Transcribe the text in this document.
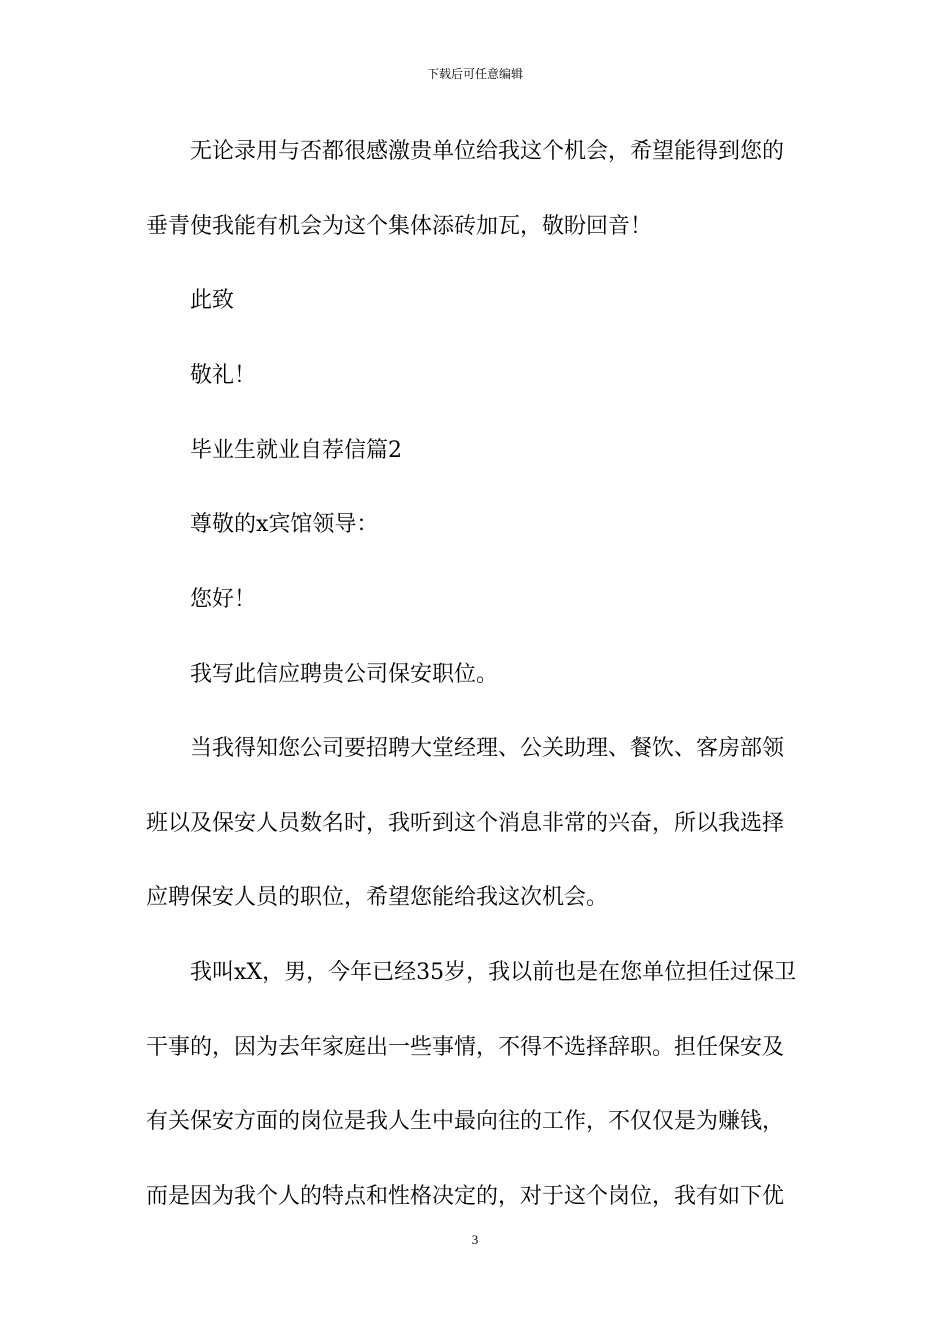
下载后可任意编辑
无论录用与否都很感激贵单位给我这个机会，希望能得到您的
垂青使我能有机会为这个集体添砖加瓦，敬盼回音！
此致
敬礼！
毕业生就业自荐信篇2
尊敬的x宾馆领导：
您好！
我写此信应聘贵公司保安职位。
当我得知您公司要招聘大堂经理、公关助理、餐饮、客房部领
班以及保安人员数名时，我听到这个消息非常的兴奋，所以我选择
应聘保安人员的职位，希望您能给我这次机会。
我叫xX，男，今年已经35岁，我以前也是在您单位担任过保卫
干事的，因为去年家庭出一些事情，不得不选择辞职。担任保安及
有关保安方面的岗位是我人生中最向往的工作，不仅仅是为赚钱，
而是因为我个人的特点和性格决定的，对于这个岗位，我有如下优
3
